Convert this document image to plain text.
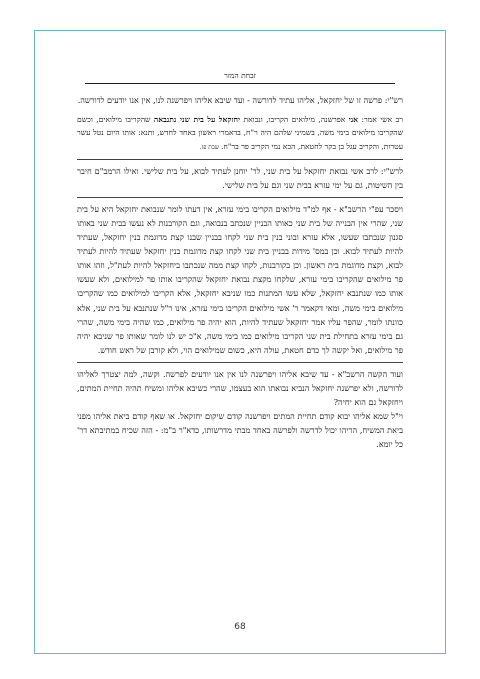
זבחת המזר

רש"י: פרשה זו של יחזקאל, אליהו עתיד לדורשה - ועד שיבא אליהו ויפרשנה לנו, אין אנו יודעים לדורשה.

רב אשי אמר: אני אפרשנה, מילואים הקריבו, ונבואת יחזקאל על בית שני נתנבאה שהקריבו מילואים, וכשם שהקריבו מילואים בימי משה, בשמיני שלהם היה ר"ח, בדאמרי ראשון באחד לחדש, ותנא: אותו היום נטל עשר עטרות, והקריב עגל בן בקר לחטאת, הכא נמי הקריב פר בר"ח. שבת פז.

לרש"י: לרב אשי נבואת יחזקאל על בית שני, לר' יוחנן לעתיד לבוא, על בית שלישי. ואילו הרמב"ם חיבר בין השיטות, גם על ימי עזרא בבית שני וגם על בית שלישי.

ויסכר עפ"י הרשב"א - אף למ"ד מילואים הקריבו בימי עזרא, אין דעתו לומר שנבואת יחזקאל היא על בית שני, שהרי אין הבנייה של בית שני כאותו הבניין שנכתב בנבואה, וגם הקורבנות לא נעשו בבית שני באותו סגנון שנכתבו שעשו, אלא עזרא ובוני בנין בית שני לקחו בבניין שבנו קצת מדוגמת בנין יחזקאל, שעתיד להיות לעתיד לבוא. וכן במס' מידות בבניין בית שני לקחו קצת מדוגמת בנין יחזקאל שעתיד להיות לעתיד לבוא, וקצת מדוגמת בית ראשון. וכן בקורבנות, לקחו קצת ממה שנכתבו ביחזקאל להיות לעת"ל, וזהו אותו פר מילואים שהקריבו בימי עזרא, שלקחו מקצת נבואת יחזקאל שהקריבו אותו פר למילואים, ולא שעשו אותו כמו שנתנבא יחזקאל, שלא עשו המתנות כמו שניבא יחזקאל, אלא הקריבו למילואים כמו שהקריבו מילואים בימי משה, ומאי דקאמר ר' אשי מילואים הקריבו בימי עזרא, אינו ר"ל שנתנבא על בית שני, אלא כוונתו לומר, שהפר עליו אמר יחזקאל שעתיד להיות, הוא יהיה פר מילואים, כמו שהיה בימי משה, שהרי גם בימי עזרא בתחילת בית שני הקריבו מילואים כמו בימי משה, א"כ יש לנו לומר שאותו פר שניבא יהיה פר מילואים, ואל יקשה לך כדם חטאת, עולה היא, כשום שמילואים הוי, ולא קורבן של ראש חודש.

ועוד הקשה הרשב"א - עד שיבא אליהו ויפרשנה לנו אין אנו יודעים לפרשה. וקשה, למה יצטרך לאליהו לדורשה, ולא יפרשנה יחזקאל הנביא נבואתו הוא בעצמו, שהרי כשיבא אליהו ומשיח תהיה תחיית המתים, ויחזקאל גם הוא יחיה?

וי"ל שמא אליהו יבוא קודם תחיית המתים ויפרשנה קודם שיקום יחזקאל. או שאף קודם ביאת אליהו מפני ביאת המשיח, הריהו יכול לדרשה ולפרשה באחד מבתי מדרשותו, כדא"ר ב"מ: - הזה שכיח במתיבתא דר' כל יומא.

68
